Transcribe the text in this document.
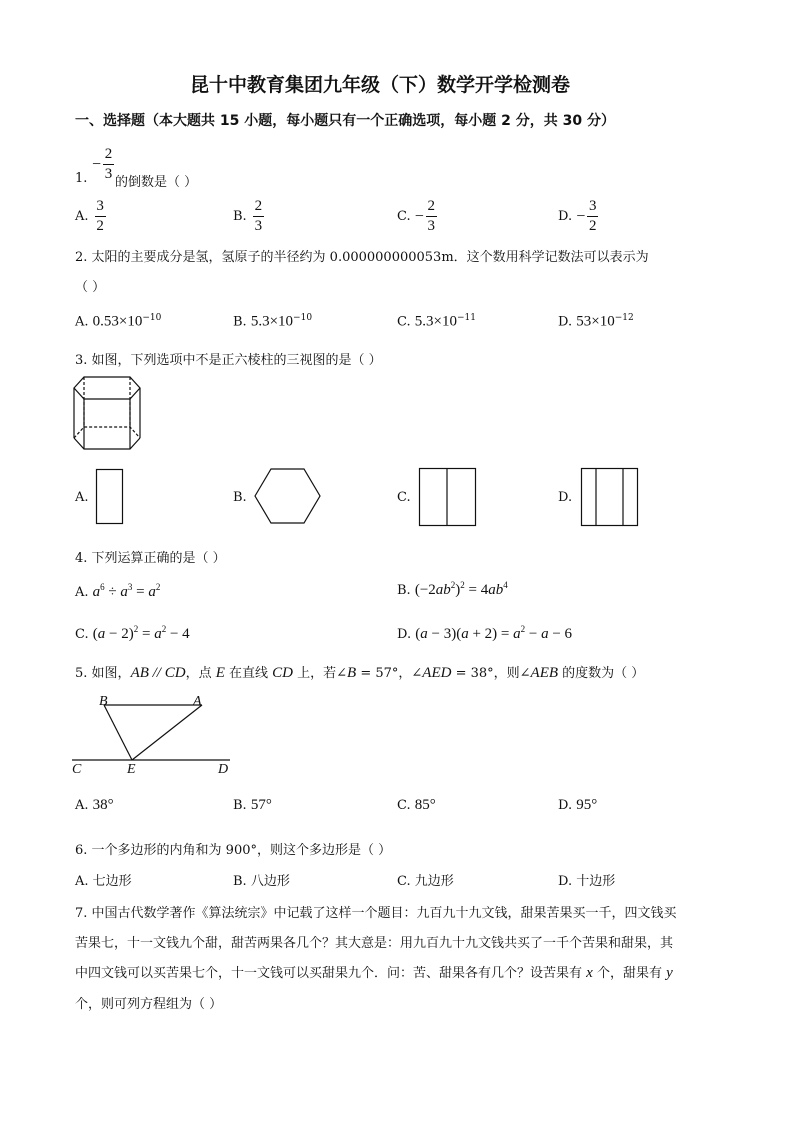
昆十中教育集团九年级（下）数学开学检测卷
一、选择题（本大题共 15 小题，每小题只有一个正确选项，每小题 2 分，共 30 分）
− $\frac{2}{3}$
1. 的倒数是（ ）
A. $\frac{3}{2}$	B. $\frac{2}{3}$	C. − $\frac{2}{3}$	D. − $\frac{3}{2}$
2. 太阳的主要成分是氢，氢原子的半径约为 0.000000000053m．这个数用科学记数法可以表示为
（ ）
A. $0.53\times 10^{-10}$	B. $5.3\times 10^{-10}$	C. $5.3\times 10^{-11}$	D. $53\times 10^{-12}$
3. 如图，下列选项中不是正六棱柱的三视图的是（ ）
A.	B.	C.	D.
4. 下列运算正确的是（ ）
A. $a^6 \div a^3 = a^2$	B. $(-2ab^2)^2 = 4ab^4$
C. $(a - 2)^2 = a^2 - 4$	D. $(a - 3)(a + 2) = a^2 - a - 6$
5. 如图，AB // CD，点 E 在直线 CD 上，若∠B = 57°，∠AED = 38°，则∠AEB 的度数为（ ）
B	A
C	E	D
A. 38°	B. 57°	C. 85°	D. 95°
6. 一个多边形的内角和为 900°，则这个多边形是（ ）
A. 七边形	B. 八边形	C. 九边形	D. 十边形
7. 中国古代数学著作《算法统宗》中记载了这样一个题目：九百九十九文钱，甜果苦果买一千，四文钱买
苦果七，十一文钱九个甜，甜苦两果各几个？其大意是：用九百九十九文钱共买了一千个苦果和甜果，其
中四文钱可以买苦果七个，十一文钱可以买甜果九个．问：苦、甜果各有几个？设苦果有 x 个，甜果有 y
个，则可列方程组为（ ）
